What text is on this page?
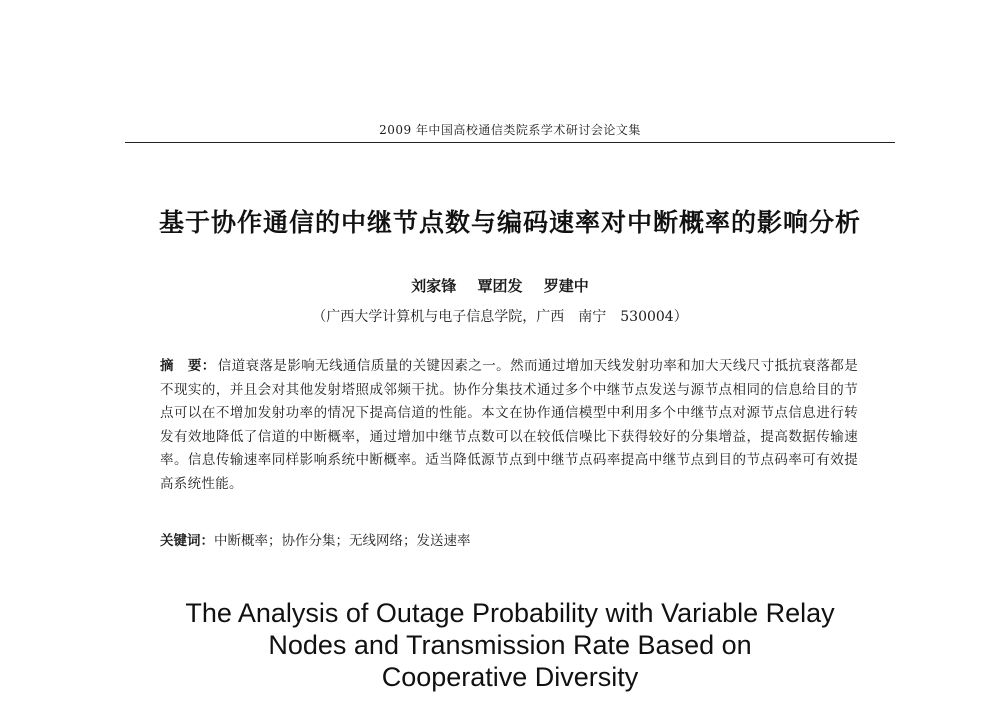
2009 年中国高校通信类院系学术研讨会论文集
基于协作通信的中继节点数与编码速率对中断概率的影响分析
刘家锋 覃团发 罗建中
（广西大学计算机与电子信息学院，广西　南宁　530004）
摘　要： 信道衰落是影响无线通信质量的关键因素之一。然而通过增加天线发射功率和加大天线尺寸抵抗衰落都是不现实的，并且会对其他发射塔照成邻频干扰。协作分集技术通过多个中继节点发送与源节点相同的信息给目的节点可以在不增加发射功率的情况下提高信道的性能。本文在协作通信模型中利用多个中继节点对源节点信息进行转发有效地降低了信道的中断概率，通过增加中继节点数可以在较低信噪比下获得较好的分集增益，提高数据传输速率。信息传输速率同样影响系统中断概率。适当降低源节点到中继节点码率提高中继节点到目的节点码率可有效提高系统性能。
关键词：中断概率；协作分集；无线网络；发送速率
The Analysis of Outage Probability with Variable Relay
Nodes and Transmission Rate Based on
Cooperative Diversity
